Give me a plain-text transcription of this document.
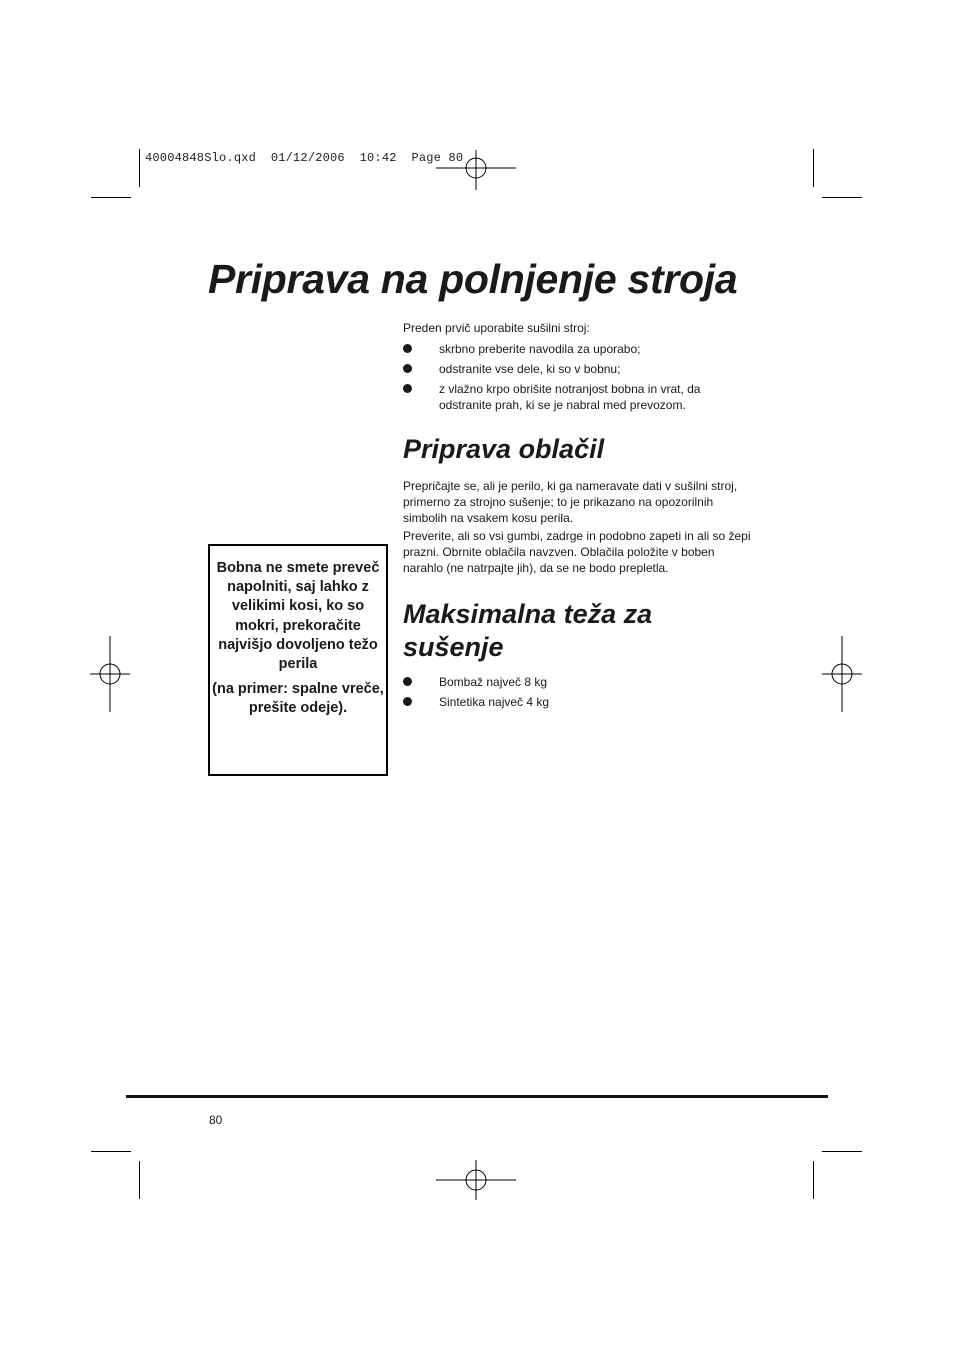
40004848Slo.qxd  01/12/2006  10:42  Page 80
Priprava na polnjenje stroja

Preden prvič uporabite sušilni stroj:

skrbno preberite navodila za uporabo;
odstranite vse dele, ki so v bobnu;
z vlažno krpo obrišite notranjost bobna in vrat, da odstranite prah, ki se je nabral med prevozom.
Priprava oblačil

Prepričajte se, ali je perilo, ki ga nameravate dati v sušilni stroj, primerno za strojno sušenje; to je prikazano na opozorilnih simbolih na vsakem kosu perila.

Preverite, ali so vsi gumbi, zadrge in podobno zapeti in ali so žepi prazni. Obrnite oblačila navzven. Oblačila položite v boben narahlo (ne natrpajte jih), da se ne bodo prepletla.

Maksimalna teža za sušenje
Bombaž največ 8 kg
Sintetika največ 4 kg

Bobna ne smete preveč napolniti, saj lahko z velikimi kosi, ko so mokri, prekoračite najvišjo dovoljeno težo perila

(na primer: spalne vreče, prešite odeje).

80
